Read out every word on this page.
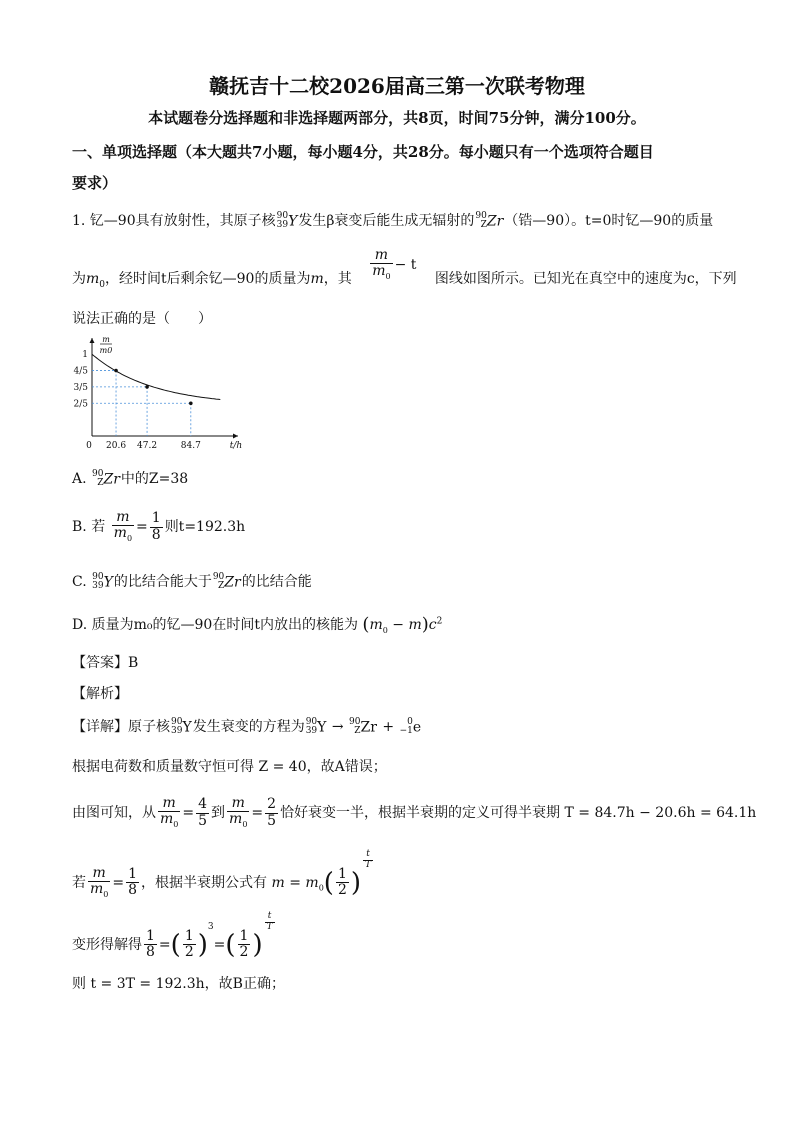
赣抚吉十二校2026届高三第一次联考物理
本试题卷分选择题和非选择题两部分，共8页，时间75分钟，满分100分。
一、单项选择题（本大题共7小题，每小题4分，共28分。每小题只有一个选项符合题目
要求）
1. 钇—90具有放射性，其原子核 90
39 Y发生β衰变后能生成无辐射的 90
Z Zr（锆—90）。t=0时钇—90的质量
为$m_0$，经时间t后剩余钇—90的质量为m，其 $\frac{m}{m_0} - t$ 图线如图所示。已知光在真空中的速度为c，下列
说法正确的是（　　）
m
m0
t/h
1
4/5
3/5
2/5
0 20.6 47.2	84.7
A. 90
Z Zr中的Z=38
B. 若 $\frac{m}{m_0} = \frac{1}{8}$ 则t=192.3h
C. 90
39 Y的比结合能大于 90
Z Zr的比结合能
D. 质量为m₀的钇—90在时间t内放出的核能为 $(m_0 - m)c^2$
【答案】B
【解析】
【详解】原子核 90
39 Y发生衰变的方程为 90
39 Y → 90
Z Zr + 0
−1 e
根据电荷数和质量数守恒可得 Z = 40，故A错误；
由图可知，从 $\frac{m}{m_0} = \frac{4}{5}$ 到 $\frac{m}{m_0} = \frac{2}{5}$ 恰好衰变一半，根据半衰期的定义可得半衰期 T = 84.7h − 20.6h = 64.1h
若 $\frac{m}{m_0} = \frac{1}{8}$ ，根据半衰期公式有 $m = m_0( \frac{1}{2}$ )
$^{\frac{t}{T}}$
变形得解得 $\frac{1}{8}$ =( $\frac{1}{2} )^3=( \frac{1}{2}$ )
$^{\frac{t}{T}}$
则 t = 3T = 192.3h，故B正确；
